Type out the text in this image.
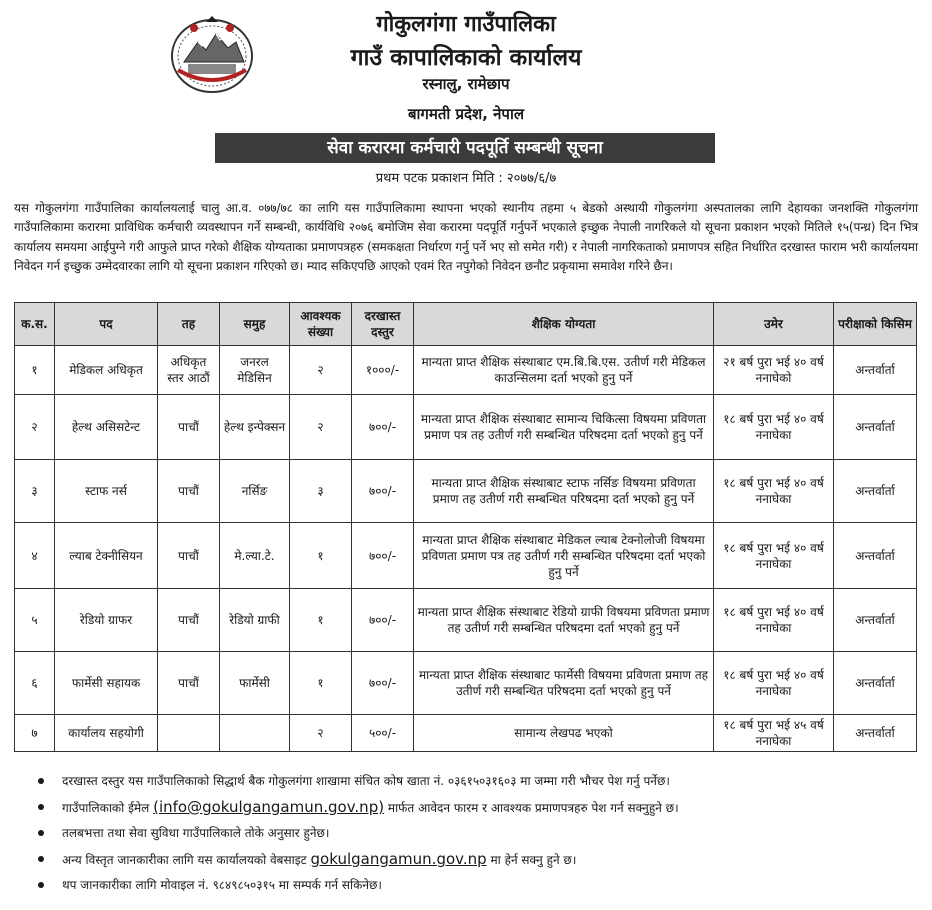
गोकुलगंगा गाउँपालिका
गाउँ कापालिकाको कार्यालय
रस्नालु, रामेछाप
बागमती प्रदेश, नेपाल
सेवा करारमा कर्मचारी पदपूर्ति सम्बन्धी सूचना
प्रथम पटक प्रकाशन मिति : २०७७/६/७

यस गोकुलगंगा गाउँपालिका कार्यालयलाई चालु आ.व. ०७७/७८ का लागि यस गाउँपालिकामा स्थापना भएको स्थानीय तहमा ५ बेडको अस्थायी गोकुलगंगा अस्पतालका लागि देहायका जनशक्ति गोकुलगंगा गाउँपालिकामा करारमा प्राविधिक कर्मचारी व्यवस्थापन गर्ने सम्बन्धी, कार्यविधि २०७६ बमोजिम सेवा करारमा पदपूर्ति गर्नुपर्ने भएकाले इच्छुक नेपाली नागरिकले यो सूचना प्रकाशन भएको मितिले १५(पन्ध्र) दिन भित्र कार्यालय समयमा आईपुग्ने गरी आफुले प्राप्त गरेको शैक्षिक योग्यताका प्रमाणपत्रहरु (समकक्षता निर्धारण गर्नु पर्ने भए सो समेत गरी) र नेपाली नागरिकताको प्रमाणपत्र सहित निर्धारित दरखास्त फाराम भरी कार्यालयमा निवेदन गर्न इच्छुक उम्मेदवारका लागि यो सूचना प्रकाशन गरिएको छ। म्याद सकिएपछि आएको एवमं रित नपुगेको निवेदन छनौट प्रकृयामा समावेश गरिने छैन।

क.स.	पद	तह	समुह	आवश्यक संख्या	दरखास्त दस्तुर	शैक्षिक योग्यता	उमेर	परीक्षाको किसिम
१	मेडिकल अधिकृत	अधिकृत स्तर आठौं	जनरल मेडिसिन	२	१०००/-	मान्यता प्राप्त शैक्षिक संस्थाबाट एम.बि.बि.एस. उतीर्ण गरी मेडिकल काउन्सिलमा दर्ता भएको हुनु पर्ने	२१ बर्ष पुरा भई ४० वर्ष ननाघेको	अन्तर्वार्ता
२	हेल्थ असिसटेन्ट	पाचौं	हेल्थ इन्पेक्सन	२	७००/-	मान्यता प्राप्त शैक्षिक संस्थाबाट सामान्य चिकित्सा विषयमा प्रविणता प्रमाण पत्र तह उतीर्ण गरी सम्बन्धित परिषदमा दर्ता भएको हुनु पर्ने	१८ बर्ष पुरा भई ४० वर्ष ननाघेका	अन्तर्वार्ता
३	स्टाफ नर्स	पाचौं	नर्सिङ	३	७००/-	मान्यता प्राप्त शैक्षिक संस्थाबाट स्टाफ नर्सिङ विषयमा प्रविणता प्रमाण तह उतीर्ण गरी सम्बन्धित परिषदमा दर्ता भएको हुनु पर्ने	१८ बर्ष पुरा भई ४० वर्ष ननाघेका	अन्तर्वार्ता
४	ल्याब टेक्नीसियन	पाचौं	मे.ल्या.टे.	१	७००/-	मान्यता प्राप्त शैक्षिक संस्थाबाट मेडिकल ल्याब टेक्नोलोजी विषयमा प्रविणता प्रमाण पत्र तह उतीर्ण गरी सम्बन्धित परिषदमा दर्ता भएको हुनु पर्ने	१८ बर्ष पुरा भई ४० वर्ष ननाघेका	अन्तर्वार्ता
५	रेडियो ग्राफर	पाचौं	रेडियो ग्राफी	१	७००/-	मान्यता प्राप्त शैक्षिक संस्थाबाट रेडियो ग्राफी विषयमा प्रविणता प्रमाण तह उतीर्ण गरी सम्बन्धित परिषदमा दर्ता भएको हुनु पर्ने	१८ बर्ष पुरा भई ४० वर्ष ननाघेका	अन्तर्वार्ता
६	फार्मेसी सहायक	पाचौं	फार्मेसी	१	७००/-	मान्यता प्राप्त शैक्षिक संस्थाबाट फार्मेसी विषयमा प्रविणता प्रमाण तह उतीर्ण गरी सम्बन्धित परिषदमा दर्ता भएको हुनु पर्ने	१८ बर्ष पुरा भई ४० वर्ष ननाघेका	अन्तर्वार्ता
७	कार्यालय सहयोगी			२	५००/-	सामान्य लेखपढ भएको	१८ बर्ष पुरा भई ४५ वर्ष ननाघेका	अन्तर्वार्ता
दरखास्त दस्तुर यस गाउँपालिकाको सिद्धार्थ बैक गोकुलगंगा शाखामा संचित कोष खाता नं. ०३६१५०३१६०३ मा जम्मा गरी भौचर पेश गर्नु पर्नेछ।
गाउँपालिकाको ईमेल (info@gokulgangamun.gov.np) मार्फत आवेदन फारम र आवश्यक प्रमाणपत्रहरु पेश गर्न सक्नुहुने छ।
तलबभत्ता तथा सेवा सुविधा गाउँपालिकाले तोके अनुसार हुनेछ।
अन्य विस्तृत जानकारीका लागि यस कार्यालयको वेबसाइट gokulgangamun.gov.np मा हेर्न सक्नु हुने छ।
थप जानकारीका लागि मोवाइल नं. ९८४९८५०३१५ मा सम्पर्क गर्न सकिनेछ।
